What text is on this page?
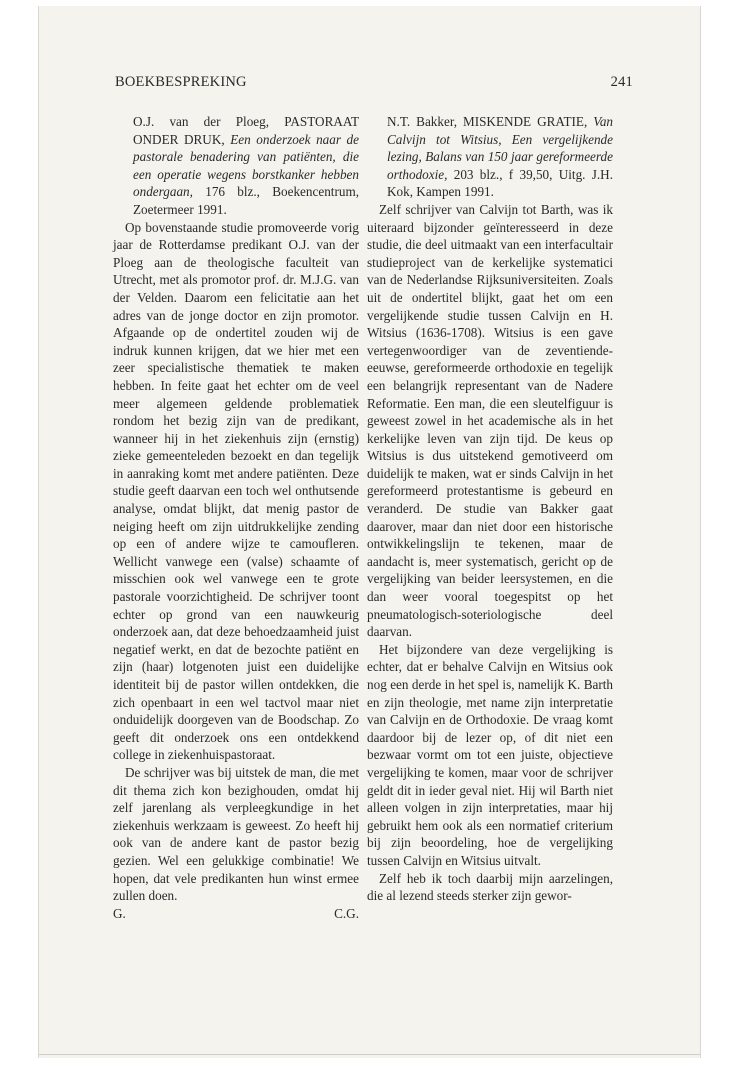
BOEKBESPREKING	241
O.J. van der Ploeg, PASTORAAT ONDER DRUK, Een onderzoek naar de pastorale benadering van patiënten, die een operatie wegens borstkanker hebben ondergaan, 176 blz., Boekencentrum, Zoetermeer 1991.

Op bovenstaande studie promoveerde vorig jaar de Rotterdamse predikant O.J. van der Ploeg aan de theologische faculteit van Utrecht, met als promotor prof. dr. M.J.G. van der Velden. Daarom een felicitatie aan het adres van de jonge doctor en zijn promotor. Afgaande op de ondertitel zouden wij de indruk kunnen krijgen, dat we hier met een zeer specialistische thematiek te maken hebben. In feite gaat het echter om de veel meer algemeen geldende problematiek rondom het bezig zijn van de predikant, wanneer hij in het ziekenhuis zijn (ernstig) zieke gemeenteleden bezoekt en dan tegelijk in aanraking komt met andere patiënten. Deze studie geeft daarvan een toch wel onthutsende analyse, omdat blijkt, dat menig pastor de neiging heeft om zijn uitdrukkelijke zending op een of andere wijze te camoufleren. Wellicht vanwege een (valse) schaamte of misschien ook wel vanwege een te grote pastorale voorzichtigheid. De schrijver toont echter op grond van een nauwkeurig onderzoek aan, dat deze behoedzaamheid juist negatief werkt, en dat de bezochte patiënt en zijn (haar) lotgenoten juist een duidelijke identiteit bij de pastor willen ontdekken, die zich openbaart in een wel tactvol maar niet onduidelijk doorgeven van de Boodschap. Zo geeft dit onderzoek ons een ontdekkend college in ziekenhuispastoraat.

De schrijver was bij uitstek de man, die met dit thema zich kon bezighouden, omdat hij zelf jarenlang als verpleegkundige in het ziekenhuis werkzaam is geweest. Zo heeft hij ook van de andere kant de pastor bezig gezien. Wel een gelukkige combinatie! We hopen, dat vele predikanten hun winst ermee zullen doen.

G.	C.G.
N.T. Bakker, MISKENDE GRATIE, Van Calvijn tot Witsius, Een vergelijkende lezing, Balans van 150 jaar gereformeerde orthodoxie, 203 blz., f 39,50, Uitg. J.H. Kok, Kampen 1991.

Zelf schrijver van Calvijn tot Barth, was ik uiteraard bijzonder geïnteresseerd in deze studie, die deel uitmaakt van een interfacultair studieproject van de kerkelijke systematici van de Nederlandse Rijksuniversiteiten. Zoals uit de ondertitel blijkt, gaat het om een vergelijkende studie tussen Calvijn en H. Witsius (1636-1708). Witsius is een gave vertegenwoordiger van de zeventiende-eeuwse, gereformeerde orthodoxie en tegelijk een belangrijk representant van de Nadere Reformatie. Een man, die een sleutelfiguur is geweest zowel in het academische als in het kerkelijke leven van zijn tijd. De keus op Witsius is dus uitstekend gemotiveerd om duidelijk te maken, wat er sinds Calvijn in het gereformeerd protestantisme is gebeurd en veranderd. De studie van Bakker gaat daarover, maar dan niet door een historische ontwikkelingslijn te tekenen, maar de aandacht is, meer systematisch, gericht op de vergelijking van beider leersystemen, en die dan weer vooral toegespitst op het pneumatologisch-soteriologische deel daarvan.

Het bijzondere van deze vergelijking is echter, dat er behalve Calvijn en Witsius ook nog een derde in het spel is, namelijk K. Barth en zijn theologie, met name zijn interpretatie van Calvijn en de Orthodoxie. De vraag komt daardoor bij de lezer op, of dit niet een bezwaar vormt om tot een juiste, objectieve vergelijking te komen, maar voor de schrijver geldt dit in ieder geval niet. Hij wil Barth niet alleen volgen in zijn interpretaties, maar hij gebruikt hem ook als een normatief criterium bij zijn beoordeling, hoe de vergelijking tussen Calvijn en Witsius uitvalt.

Zelf heb ik toch daarbij mijn aarzelingen, die al lezend steeds sterker zijn gewor-
